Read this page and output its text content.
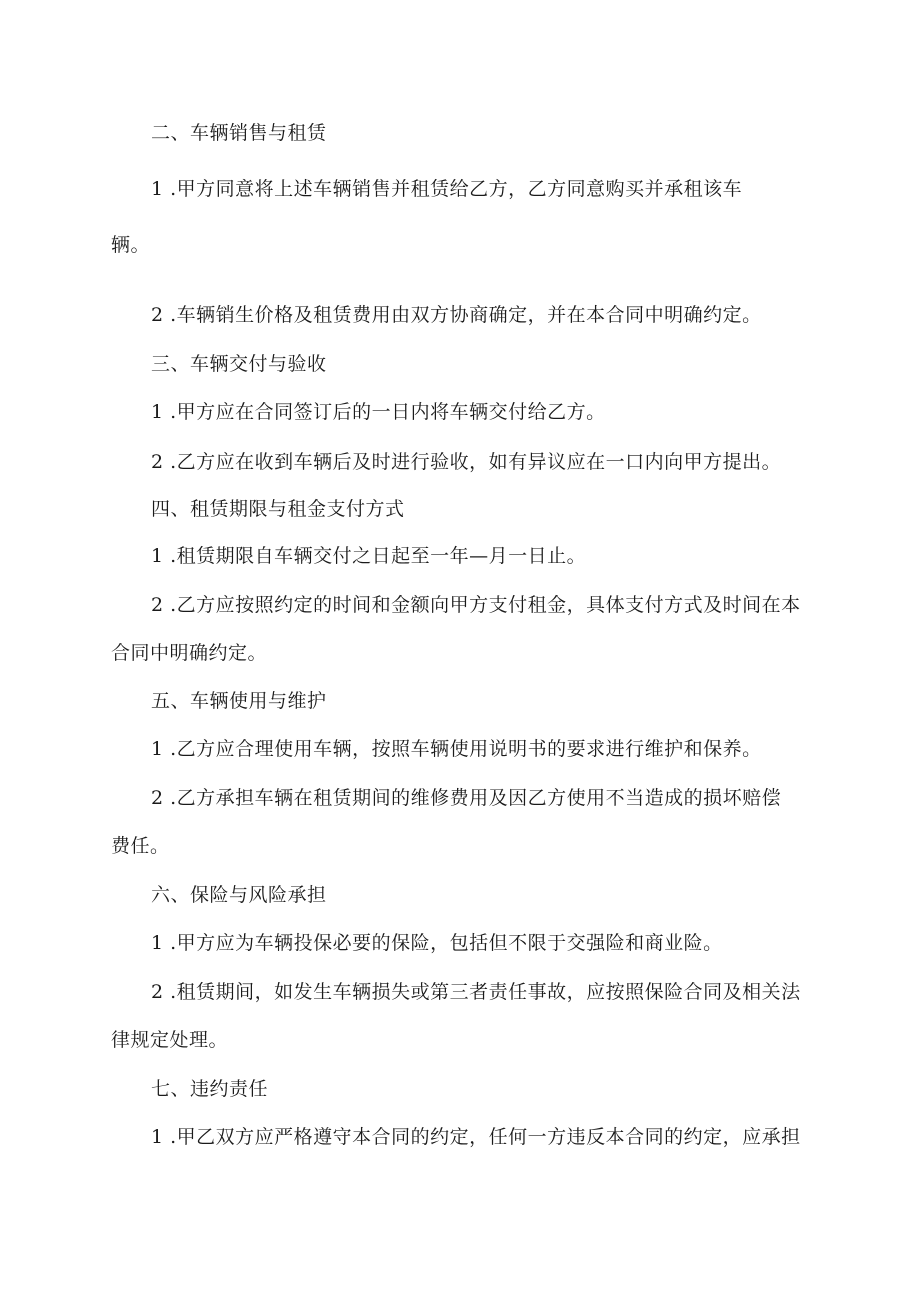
二、车辆销售与租赁
1 .甲方同意将上述车辆销售并租赁给乙方，乙方同意购买并承租该车
辆。
2 .车辆销生价格及租赁费用由双方协商确定，并在本合同中明确约定。
三、车辆交付与验收
1 .甲方应在合同签订后的一日内将车辆交付给乙方。
2 .乙方应在收到车辆后及时进行验收，如有异议应在一口内向甲方提出。
四、租赁期限与租金支付方式
1 .租赁期限自车辆交付之日起至一年—月一日止。
2 .乙方应按照约定的时间和金额向甲方支付租金，具体支付方式及时间在本
合同中明确约定。
五、车辆使用与维护
1 .乙方应合理使用车辆，按照车辆使用说明书的要求进行维护和保养。
2 .乙方承担车辆在租赁期间的维修费用及因乙方使用不当造成的损坏赔偿
费任。
六、保险与风险承担
1 .甲方应为车辆投保必要的保险，包括但不限于交强险和商业险。
2 .租赁期间，如发生车辆损失或第三者责任事故，应按照保险合同及相关法
律规定处理。
七、违约责任
1 .甲乙双方应严格遵守本合同的约定，任何一方违反本合同的约定，应承担
